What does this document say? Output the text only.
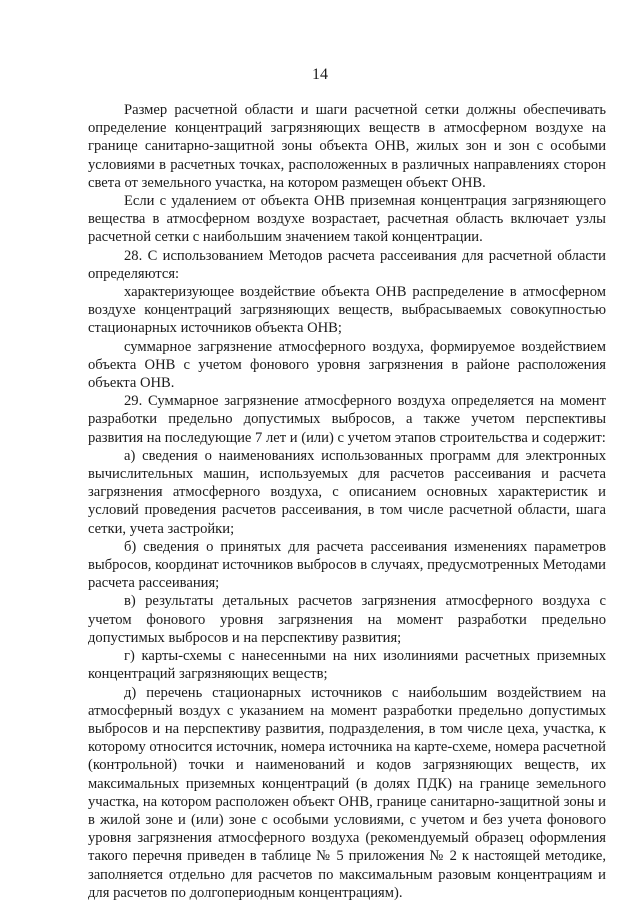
14

Размер расчетной области и шаги расчетной сетки должны обеспечивать определение концентраций загрязняющих веществ в атмосферном воздухе на границе санитарно-защитной зоны объекта ОНВ, жилых зон и зон с особыми условиями в расчетных точках, расположенных в различных направлениях сторон света от земельного участка, на котором размещен объект ОНВ.

Если с удалением от объекта ОНВ приземная концентрация загрязняющего вещества в атмосферном воздухе возрастает, расчетная область включает узлы расчетной сетки с наибольшим значением такой концентрации.

28. С использованием Методов расчета рассеивания для расчетной области определяются:

характеризующее воздействие объекта ОНВ распределение в атмосферном воздухе концентраций загрязняющих веществ, выбрасываемых совокупностью стационарных источников объекта ОНВ;

суммарное загрязнение атмосферного воздуха, формируемое воздействием объекта ОНВ с учетом фонового уровня загрязнения в районе расположения объекта ОНВ.

29. Суммарное загрязнение атмосферного воздуха определяется на момент разработки предельно допустимых выбросов, а также учетом перспективы развития на последующие 7 лет и (или) с учетом этапов строительства и содержит:

а) сведения о наименованиях использованных программ для электронных вычислительных машин, используемых для расчетов рассеивания и расчета загрязнения атмосферного воздуха, с описанием основных характеристик и условий проведения расчетов рассеивания, в том числе расчетной области, шага сетки, учета застройки;

б) сведения о принятых для расчета рассеивания изменениях параметров выбросов, координат источников выбросов в случаях, предусмотренных Методами расчета рассеивания;

в) результаты детальных расчетов загрязнения атмосферного воздуха с учетом фонового уровня загрязнения на момент разработки предельно допустимых выбросов и на перспективу развития;

г) карты-схемы с нанесенными на них изолиниями расчетных приземных концентраций загрязняющих веществ;

д) перечень стационарных источников с наибольшим воздействием на атмосферный воздух с указанием на момент разработки предельно допустимых выбросов и на перспективу развития, подразделения, в том числе цеха, участка, к которому относится источник, номера источника на карте-схеме, номера расчетной (контрольной) точки и наименований и кодов загрязняющих веществ, их максимальных приземных концентраций (в долях ПДК) на границе земельного участка, на котором расположен объект ОНВ, границе санитарно-защитной зоны и в жилой зоне и (или) зоне с особыми условиями, с учетом и без учета фонового уровня загрязнения атмосферного воздуха (рекомендуемый образец оформления такого перечня приведен в таблице № 5 приложения № 2 к настоящей методике, заполняется отдельно для расчетов по максимальным разовым концентрациям и для расчетов по долгопериодным концентрациям).
